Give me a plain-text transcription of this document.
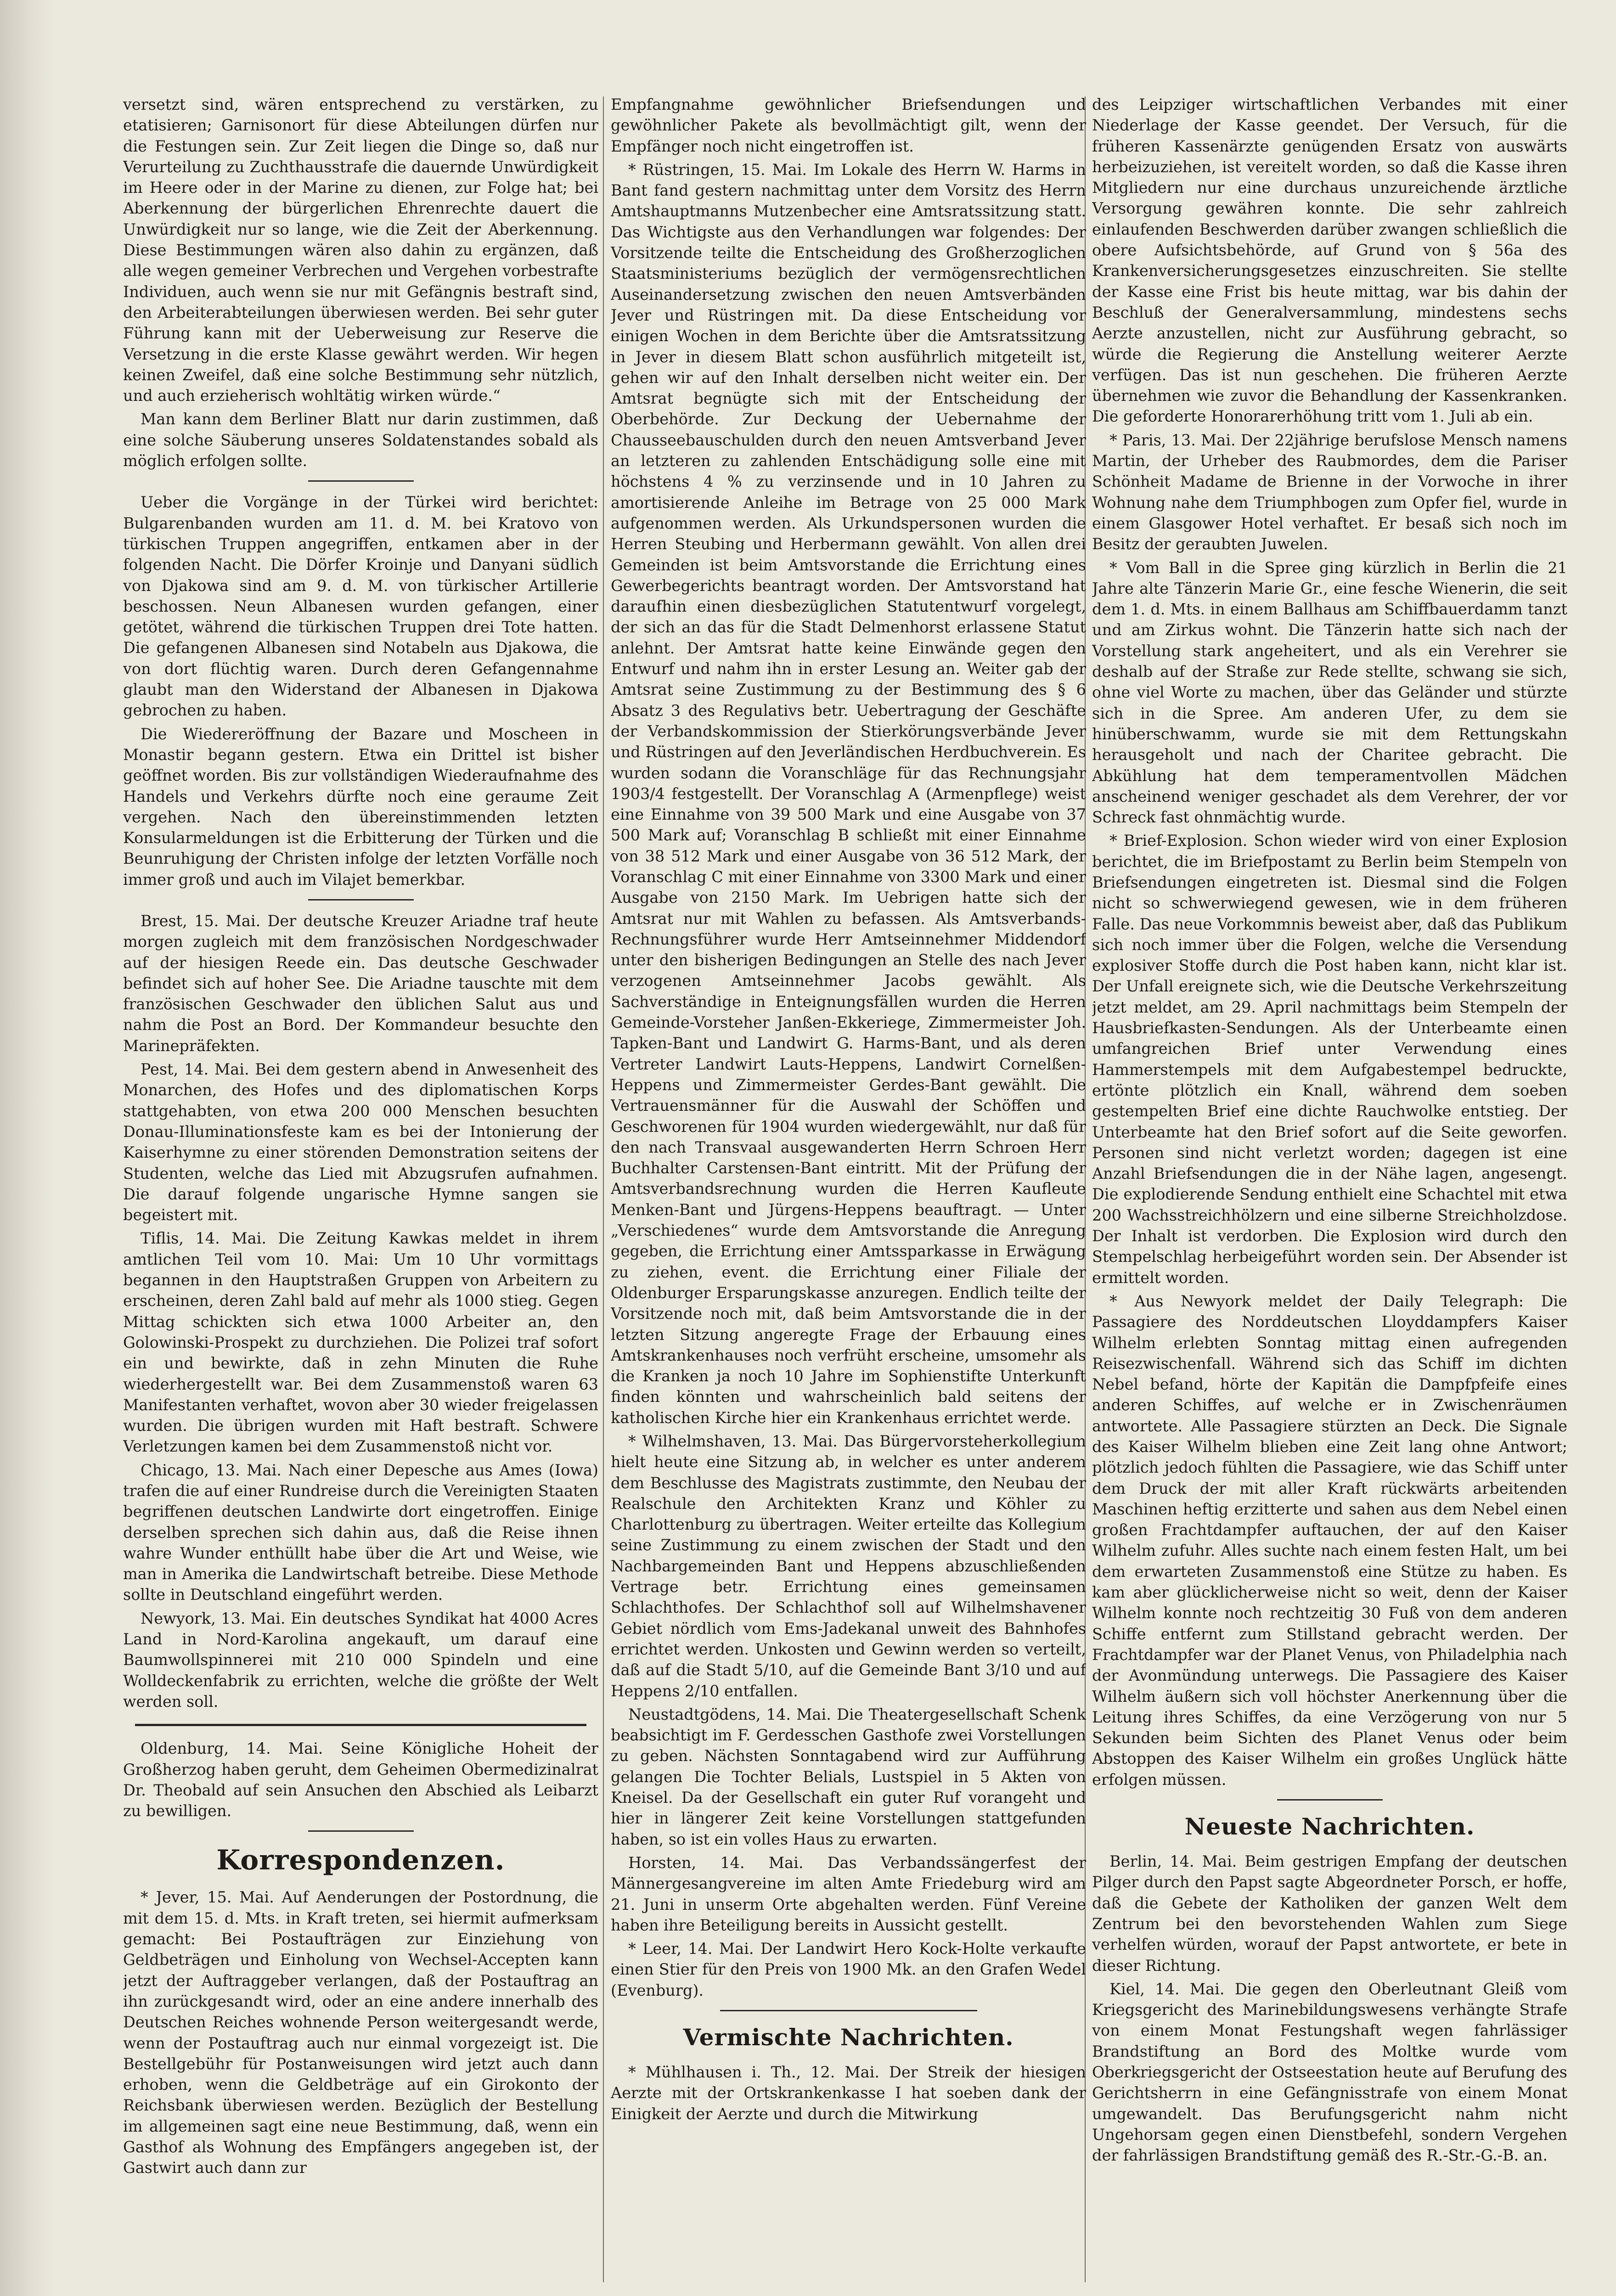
versetzt sind, wären entsprechend zu verstärken, zu etatisieren; Garnisonort für diese Abteilungen dürfen nur die Festungen sein. Zur Zeit liegen die Dinge so, daß nur Verurteilung zu Zuchthausstrafe die dauernde Unwürdigkeit im Heere oder in der Marine zu dienen, zur Folge hat; bei Aberkennung der bürgerlichen Ehrenrechte dauert die Unwürdigkeit nur so lange, wie die Zeit der Aberkennung. Diese Bestimmungen wären also dahin zu ergänzen, daß alle wegen gemeiner Verbrechen und Vergehen vorbestrafte Individuen, auch wenn sie nur mit Gefängnis bestraft sind, den Arbeiterabteilungen überwiesen werden. Bei sehr guter Führung kann mit der Ueberweisung zur Reserve die Versetzung in die erste Klasse gewährt werden. Wir hegen keinen Zweifel, daß eine solche Bestimmung sehr nützlich, und auch erzieherisch wohltätig wirken würde.“

Man kann dem Berliner Blatt nur darin zustimmen, daß eine solche Säuberung unseres Soldatenstandes sobald als möglich erfolgen sollte.

Ueber die Vorgänge in der Türkei wird berichtet: Bulgarenbanden wurden am 11. d. M. bei Kratovo von türkischen Truppen angegriffen, entkamen aber in der folgenden Nacht. Die Dörfer Kroinje und Danyani südlich von Djakowa sind am 9. d. M. von türkischer Artillerie beschossen. Neun Albanesen wurden gefangen, einer getötet, während die türkischen Truppen drei Tote hatten. Die gefangenen Albanesen sind Notabeln aus Djakowa, die von dort flüchtig waren. Durch deren Gefangennahme glaubt man den Widerstand der Albanesen in Djakowa gebrochen zu haben.

Die Wiedereröffnung der Bazare und Moscheen in Monastir begann gestern. Etwa ein Drittel ist bisher geöffnet worden. Bis zur vollständigen Wiederaufnahme des Handels und Verkehrs dürfte noch eine geraume Zeit vergehen. Nach den übereinstimmenden letzten Konsularmeldungen ist die Erbitterung der Türken und die Beunruhigung der Christen infolge der letzten Vorfälle noch immer groß und auch im Vilajet bemerkbar.

Brest, 15. Mai. Der deutsche Kreuzer Ariadne traf heute morgen zugleich mit dem französischen Nordgeschwader auf der hiesigen Reede ein. Das deutsche Geschwader befindet sich auf hoher See. Die Ariadne tauschte mit dem französischen Geschwader den üblichen Salut aus und nahm die Post an Bord. Der Kommandeur besuchte den Marinepräfekten.

Pest, 14. Mai. Bei dem gestern abend in Anwesenheit des Monarchen, des Hofes und des diplomatischen Korps stattgehabten, von etwa 200 000 Menschen besuchten Donau-Illuminationsfeste kam es bei der Intonierung der Kaiserhymne zu einer störenden Demonstration seitens der Studenten, welche das Lied mit Abzugsrufen aufnahmen. Die darauf folgende ungarische Hymne sangen sie begeistert mit.

Tiflis, 14. Mai. Die Zeitung Kawkas meldet in ihrem amtlichen Teil vom 10. Mai: Um 10 Uhr vormittags begannen in den Hauptstraßen Gruppen von Arbeitern zu erscheinen, deren Zahl bald auf mehr als 1000 stieg. Gegen Mittag schickten sich etwa 1000 Arbeiter an, den Golowinski-Prospekt zu durchziehen. Die Polizei traf sofort ein und bewirkte, daß in zehn Minuten die Ruhe wiederhergestellt war. Bei dem Zusammenstoß waren 63 Manifestanten verhaftet, wovon aber 30 wieder freigelassen wurden. Die übrigen wurden mit Haft bestraft. Schwere Verletzungen kamen bei dem Zusammenstoß nicht vor.

Chicago, 13. Mai. Nach einer Depesche aus Ames (Iowa) trafen die auf einer Rundreise durch die Vereinigten Staaten begriffenen deutschen Landwirte dort eingetroffen. Einige derselben sprechen sich dahin aus, daß die Reise ihnen wahre Wunder enthüllt habe über die Art und Weise, wie man in Amerika die Landwirtschaft betreibe. Diese Methode sollte in Deutschland eingeführt werden.

Newyork, 13. Mai. Ein deutsches Syndikat hat 4000 Acres Land in Nord-Karolina angekauft, um darauf eine Baumwollspinnerei mit 210 000 Spindeln und eine Wolldeckenfabrik zu errichten, welche die größte der Welt werden soll.

Oldenburg, 14. Mai. Seine Königliche Hoheit der Großherzog haben geruht, dem Geheimen Obermedizinalrat Dr. Theobald auf sein Ansuchen den Abschied als Leibarzt zu bewilligen.

Korrespondenzen.

* Jever, 15. Mai. Auf Aenderungen der Postordnung, die mit dem 15. d. Mts. in Kraft treten, sei hiermit aufmerksam gemacht: Bei Postaufträgen zur Einziehung von Geldbeträgen und Einholung von Wechsel-Accepten kann jetzt der Auftraggeber verlangen, daß der Postauftrag an ihn zurückgesandt wird, oder an eine andere innerhalb des Deutschen Reiches wohnende Person weitergesandt werde, wenn der Postauftrag auch nur einmal vorgezeigt ist. Die Bestellgebühr für Postanweisungen wird jetzt auch dann erhoben, wenn die Geldbeträge auf ein Girokonto der Reichsbank überwiesen werden. Bezüglich der Bestellung im allgemeinen sagt eine neue Bestimmung, daß, wenn ein Gasthof als Wohnung des Empfängers angegeben ist, der Gastwirt auch dann zur

Empfangnahme gewöhnlicher Briefsendungen und gewöhnlicher Pakete als bevollmächtigt gilt, wenn der Empfänger noch nicht eingetroffen ist.

* Rüstringen, 15. Mai. Im Lokale des Herrn W. Harms in Bant fand gestern nachmittag unter dem Vorsitz des Herrn Amtshauptmanns Mutzenbecher eine Amtsratssitzung statt. Das Wichtigste aus den Verhandlungen war folgendes: Der Vorsitzende teilte die Entscheidung des Großherzoglichen Staatsministeriums bezüglich der vermögensrechtlichen Auseinandersetzung zwischen den neuen Amtsverbänden Jever und Rüstringen mit. Da diese Entscheidung vor einigen Wochen in dem Berichte über die Amtsratssitzung in Jever in diesem Blatt schon ausführlich mitgeteilt ist, gehen wir auf den Inhalt derselben nicht weiter ein. Der Amtsrat begnügte sich mit der Entscheidung der Oberbehörde. Zur Deckung der Uebernahme der Chausseebauschulden durch den neuen Amtsverband Jever an letzteren zu zahlenden Entschädigung solle eine mit höchstens 4 % zu verzinsende und in 10 Jahren zu amortisierende Anleihe im Betrage von 25 000 Mark aufgenommen werden. Als Urkundspersonen wurden die Herren Steubing und Herbermann gewählt. Von allen drei Gemeinden ist beim Amtsvorstande die Errichtung eines Gewerbegerichts beantragt worden. Der Amtsvorstand hat daraufhin einen diesbezüglichen Statutentwurf vorgelegt, der sich an das für die Stadt Delmenhorst erlassene Statut anlehnt. Der Amtsrat hatte keine Einwände gegen den Entwurf und nahm ihn in erster Lesung an. Weiter gab der Amtsrat seine Zustimmung zu der Bestimmung des § 6 Absatz 3 des Regulativs betr. Uebertragung der Geschäfte der Verbandskommission der Stierkörungsverbände Jever und Rüstringen auf den Jeverländischen Herdbuchverein. Es wurden sodann die Voranschläge für das Rechnungsjahr 1903/4 festgestellt. Der Voranschlag A (Armenpflege) weist eine Einnahme von 39 500 Mark und eine Ausgabe von 37 500 Mark auf; Voranschlag B schließt mit einer Einnahme von 38 512 Mark und einer Ausgabe von 36 512 Mark, der Voranschlag C mit einer Einnahme von 3300 Mark und einer Ausgabe von 2150 Mark. Im Uebrigen hatte sich der Amtsrat nur mit Wahlen zu befassen. Als Amtsverbands-Rechnungsführer wurde Herr Amtseinnehmer Middendorf unter den bisherigen Bedingungen an Stelle des nach Jever verzogenen Amtseinnehmer Jacobs gewählt. Als Sachverständige in Enteignungsfällen wurden die Herren Gemeinde-Vorsteher Janßen-Ekkeriege, Zimmermeister Joh. Tapken-Bant und Landwirt G. Harms-Bant, und als deren Vertreter Landwirt Lauts-Heppens, Landwirt Cornelßen-Heppens und Zimmermeister Gerdes-Bant gewählt. Die Vertrauensmänner für die Auswahl der Schöffen und Geschworenen für 1904 wurden wiedergewählt, nur daß für den nach Transvaal ausgewanderten Herrn Schroen Herr Buchhalter Carstensen-Bant eintritt. Mit der Prüfung der Amtsverbandsrechnung wurden die Herren Kaufleute Menken-Bant und Jürgens-Heppens beauftragt. — Unter „Verschiedenes“ wurde dem Amtsvorstande die Anregung gegeben, die Errichtung einer Amtssparkasse in Erwägung zu ziehen, event. die Errichtung einer Filiale der Oldenburger Ersparungskasse anzuregen. Endlich teilte der Vorsitzende noch mit, daß beim Amtsvorstande die in der letzten Sitzung angeregte Frage der Erbauung eines Amtskrankenhauses noch verfrüht erscheine, umsomehr als die Kranken ja noch 10 Jahre im Sophienstifte Unterkunft finden könnten und wahrscheinlich bald seitens der katholischen Kirche hier ein Krankenhaus errichtet werde.

* Wilhelmshaven, 13. Mai. Das Bürgervorsteherkollegium hielt heute eine Sitzung ab, in welcher es unter anderem dem Beschlusse des Magistrats zustimmte, den Neubau der Realschule den Architekten Kranz und Köhler zu Charlottenburg zu übertragen. Weiter erteilte das Kollegium seine Zustimmung zu einem zwischen der Stadt und den Nachbargemeinden Bant und Heppens abzuschließenden Vertrage betr. Errichtung eines gemeinsamen Schlachthofes. Der Schlachthof soll auf Wilhelmshavener Gebiet nördlich vom Ems-Jadekanal unweit des Bahnhofes errichtet werden. Unkosten und Gewinn werden so verteilt, daß auf die Stadt 5/10, auf die Gemeinde Bant 3/10 und auf Heppens 2/10 entfallen.

Neustadtgödens, 14. Mai. Die Theatergesellschaft Schenk beabsichtigt im F. Gerdesschen Gasthofe zwei Vorstellungen zu geben. Nächsten Sonntagabend wird zur Aufführung gelangen Die Tochter Belials, Lustspiel in 5 Akten von Kneisel. Da der Gesellschaft ein guter Ruf vorangeht und hier in längerer Zeit keine Vorstellungen stattgefunden haben, so ist ein volles Haus zu erwarten.

Horsten, 14. Mai. Das Verbandssängerfest der Männergesangvereine im alten Amte Friedeburg wird am 21. Juni in unserm Orte abgehalten werden. Fünf Vereine haben ihre Beteiligung bereits in Aussicht gestellt.

* Leer, 14. Mai. Der Landwirt Hero Kock-Holte verkaufte einen Stier für den Preis von 1900 Mk. an den Grafen Wedel (Evenburg).

Vermischte Nachrichten.

* Mühlhausen i. Th., 12. Mai. Der Streik der hiesigen Aerzte mit der Ortskrankenkasse I hat soeben dank der Einigkeit der Aerzte und durch die Mitwirkung

des Leipziger wirtschaftlichen Verbandes mit einer Niederlage der Kasse geendet. Der Versuch, für die früheren Kassenärzte genügenden Ersatz von auswärts herbeizuziehen, ist vereitelt worden, so daß die Kasse ihren Mitgliedern nur eine durchaus unzureichende ärztliche Versorgung gewähren konnte. Die sehr zahlreich einlaufenden Beschwerden darüber zwangen schließlich die obere Aufsichtsbehörde, auf Grund von § 56a des Krankenversicherungsgesetzes einzuschreiten. Sie stellte der Kasse eine Frist bis heute mittag, war bis dahin der Beschluß der Generalversammlung, mindestens sechs Aerzte anzustellen, nicht zur Ausführung gebracht, so würde die Regierung die Anstellung weiterer Aerzte verfügen. Das ist nun geschehen. Die früheren Aerzte übernehmen wie zuvor die Behandlung der Kassenkranken. Die geforderte Honorarerhöhung tritt vom 1. Juli ab ein.

* Paris, 13. Mai. Der 22jährige berufslose Mensch namens Martin, der Urheber des Raubmordes, dem die Pariser Schönheit Madame de Brienne in der Vorwoche in ihrer Wohnung nahe dem Triumphbogen zum Opfer fiel, wurde in einem Glasgower Hotel verhaftet. Er besaß sich noch im Besitz der geraubten Juwelen.

* Vom Ball in die Spree ging kürzlich in Berlin die 21 Jahre alte Tänzerin Marie Gr., eine fesche Wienerin, die seit dem 1. d. Mts. in einem Ballhaus am Schiffbauerdamm tanzt und am Zirkus wohnt. Die Tänzerin hatte sich nach der Vorstellung stark angeheitert, und als ein Verehrer sie deshalb auf der Straße zur Rede stellte, schwang sie sich, ohne viel Worte zu machen, über das Geländer und stürzte sich in die Spree. Am anderen Ufer, zu dem sie hinüberschwamm, wurde sie mit dem Rettungskahn herausgeholt und nach der Charitee gebracht. Die Abkühlung hat dem temperamentvollen Mädchen anscheinend weniger geschadet als dem Verehrer, der vor Schreck fast ohnmächtig wurde.

* Brief-Explosion. Schon wieder wird von einer Explosion berichtet, die im Briefpostamt zu Berlin beim Stempeln von Briefsendungen eingetreten ist. Diesmal sind die Folgen nicht so schwerwiegend gewesen, wie in dem früheren Falle. Das neue Vorkommnis beweist aber, daß das Publikum sich noch immer über die Folgen, welche die Versendung explosiver Stoffe durch die Post haben kann, nicht klar ist. Der Unfall ereignete sich, wie die Deutsche Verkehrszeitung jetzt meldet, am 29. April nachmittags beim Stempeln der Hausbriefkasten-Sendungen. Als der Unterbeamte einen umfangreichen Brief unter Verwendung eines Hammerstempels mit dem Aufgabestempel bedruckte, ertönte plötzlich ein Knall, während dem soeben gestempelten Brief eine dichte Rauchwolke entstieg. Der Unterbeamte hat den Brief sofort auf die Seite geworfen. Personen sind nicht verletzt worden; dagegen ist eine Anzahl Briefsendungen die in der Nähe lagen, angesengt. Die explodierende Sendung enthielt eine Schachtel mit etwa 200 Wachsstreichhölzern und eine silberne Streichholzdose. Der Inhalt ist verdorben. Die Explosion wird durch den Stempelschlag herbeigeführt worden sein. Der Absender ist ermittelt worden.

* Aus Newyork meldet der Daily Telegraph: Die Passagiere des Norddeutschen Lloyddampfers Kaiser Wilhelm erlebten Sonntag mittag einen aufregenden Reisezwischenfall. Während sich das Schiff im dichten Nebel befand, hörte der Kapitän die Dampfpfeife eines anderen Schiffes, auf welche er in Zwischenräumen antwortete. Alle Passagiere stürzten an Deck. Die Signale des Kaiser Wilhelm blieben eine Zeit lang ohne Antwort; plötzlich jedoch fühlten die Passagiere, wie das Schiff unter dem Druck der mit aller Kraft rückwärts arbeitenden Maschinen heftig erzitterte und sahen aus dem Nebel einen großen Frachtdampfer auftauchen, der auf den Kaiser Wilhelm zufuhr. Alles suchte nach einem festen Halt, um bei dem erwarteten Zusammenstoß eine Stütze zu haben. Es kam aber glücklicherweise nicht so weit, denn der Kaiser Wilhelm konnte noch rechtzeitig 30 Fuß von dem anderen Schiffe entfernt zum Stillstand gebracht werden. Der Frachtdampfer war der Planet Venus, von Philadelphia nach der Avonmündung unterwegs. Die Passagiere des Kaiser Wilhelm äußern sich voll höchster Anerkennung über die Leitung ihres Schiffes, da eine Verzögerung von nur 5 Sekunden beim Sichten des Planet Venus oder beim Abstoppen des Kaiser Wilhelm ein großes Unglück hätte erfolgen müssen.

Neueste Nachrichten.

Berlin, 14. Mai. Beim gestrigen Empfang der deutschen Pilger durch den Papst sagte Abgeordneter Porsch, er hoffe, daß die Gebete der Katholiken der ganzen Welt dem Zentrum bei den bevorstehenden Wahlen zum Siege verhelfen würden, worauf der Papst antwortete, er bete in dieser Richtung.

Kiel, 14. Mai. Die gegen den Oberleutnant Gleiß vom Kriegsgericht des Marinebildungswesens verhängte Strafe von einem Monat Festungshaft wegen fahrlässiger Brandstiftung an Bord des Moltke wurde vom Oberkriegsgericht der Ostseestation heute auf Berufung des Gerichtsherrn in eine Gefängnisstrafe von einem Monat umgewandelt. Das Berufungsgericht nahm nicht Ungehorsam gegen einen Dienstbefehl, sondern Vergehen der fahrlässigen Brandstiftung gemäß des R.-Str.-G.-B. an.
